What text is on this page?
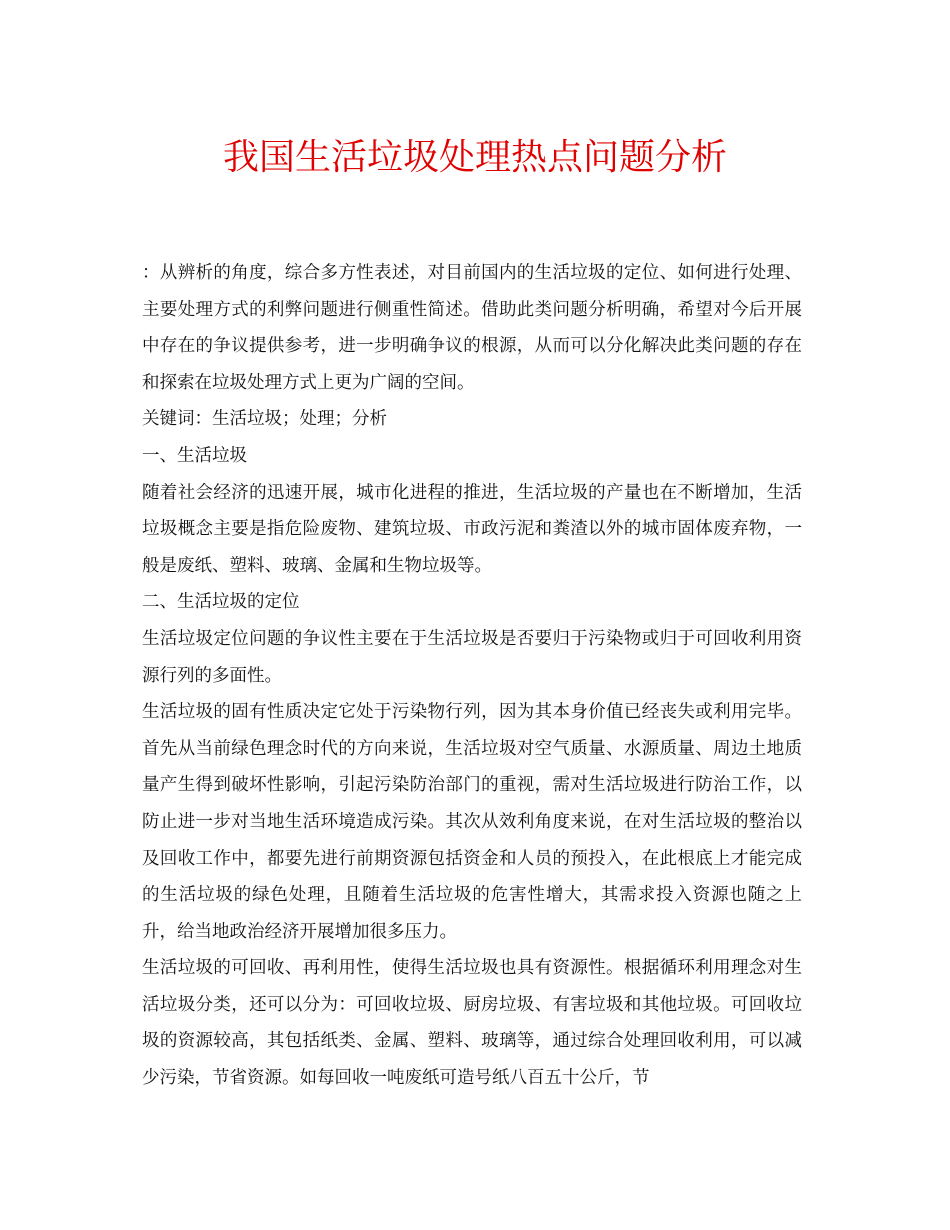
我国生活垃圾处理热点问题分析

：从辨析的角度，综合多方性表述，对目前国内的生活垃圾的定位、如何进行处理、主要处理方式的利弊问题进行侧重性简述。借助此类问题分析明确，希望对今后开展中存在的争议提供参考，进一步明确争议的根源，从而可以分化解决此类问题的存在和探索在垃圾处理方式上更为广阔的空间。

关键词：生活垃圾；处理；分析

一、生活垃圾

随着社会经济的迅速开展，城市化进程的推进，生活垃圾的产量也在不断增加，生活垃圾概念主要是指危险废物、建筑垃圾、市政污泥和粪渣以外的城市固体废弃物，一般是废纸、塑料、玻璃、金属和生物垃圾等。

二、生活垃圾的定位

生活垃圾定位问题的争议性主要在于生活垃圾是否要归于污染物或归于可回收利用资源行列的多面性。

生活垃圾的固有性质决定它处于污染物行列，因为其本身价值已经丧失或利用完毕。首先从当前绿色理念时代的方向来说，生活垃圾对空气质量、水源质量、周边土地质量产生得到破坏性影响，引起污染防治部门的重视，需对生活垃圾进行防治工作，以防止进一步对当地生活环境造成污染。其次从效利角度来说，在对生活垃圾的整治以及回收工作中，都要先进行前期资源包括资金和人员的预投入，在此根底上才能完成的生活垃圾的绿色处理，且随着生活垃圾的危害性增大，其需求投入资源也随之上升，给当地政治经济开展增加很多压力。

生活垃圾的可回收、再利用性，使得生活垃圾也具有资源性。根据循环利用理念对生活垃圾分类，还可以分为：可回收垃圾、厨房垃圾、有害垃圾和其他垃圾。可回收垃圾的资源较高，其包括纸类、金属、塑料、玻璃等，通过综合处理回收利用，可以减少污染，节省资源。如每回收一吨废纸可造号纸八百五十公斤，节
